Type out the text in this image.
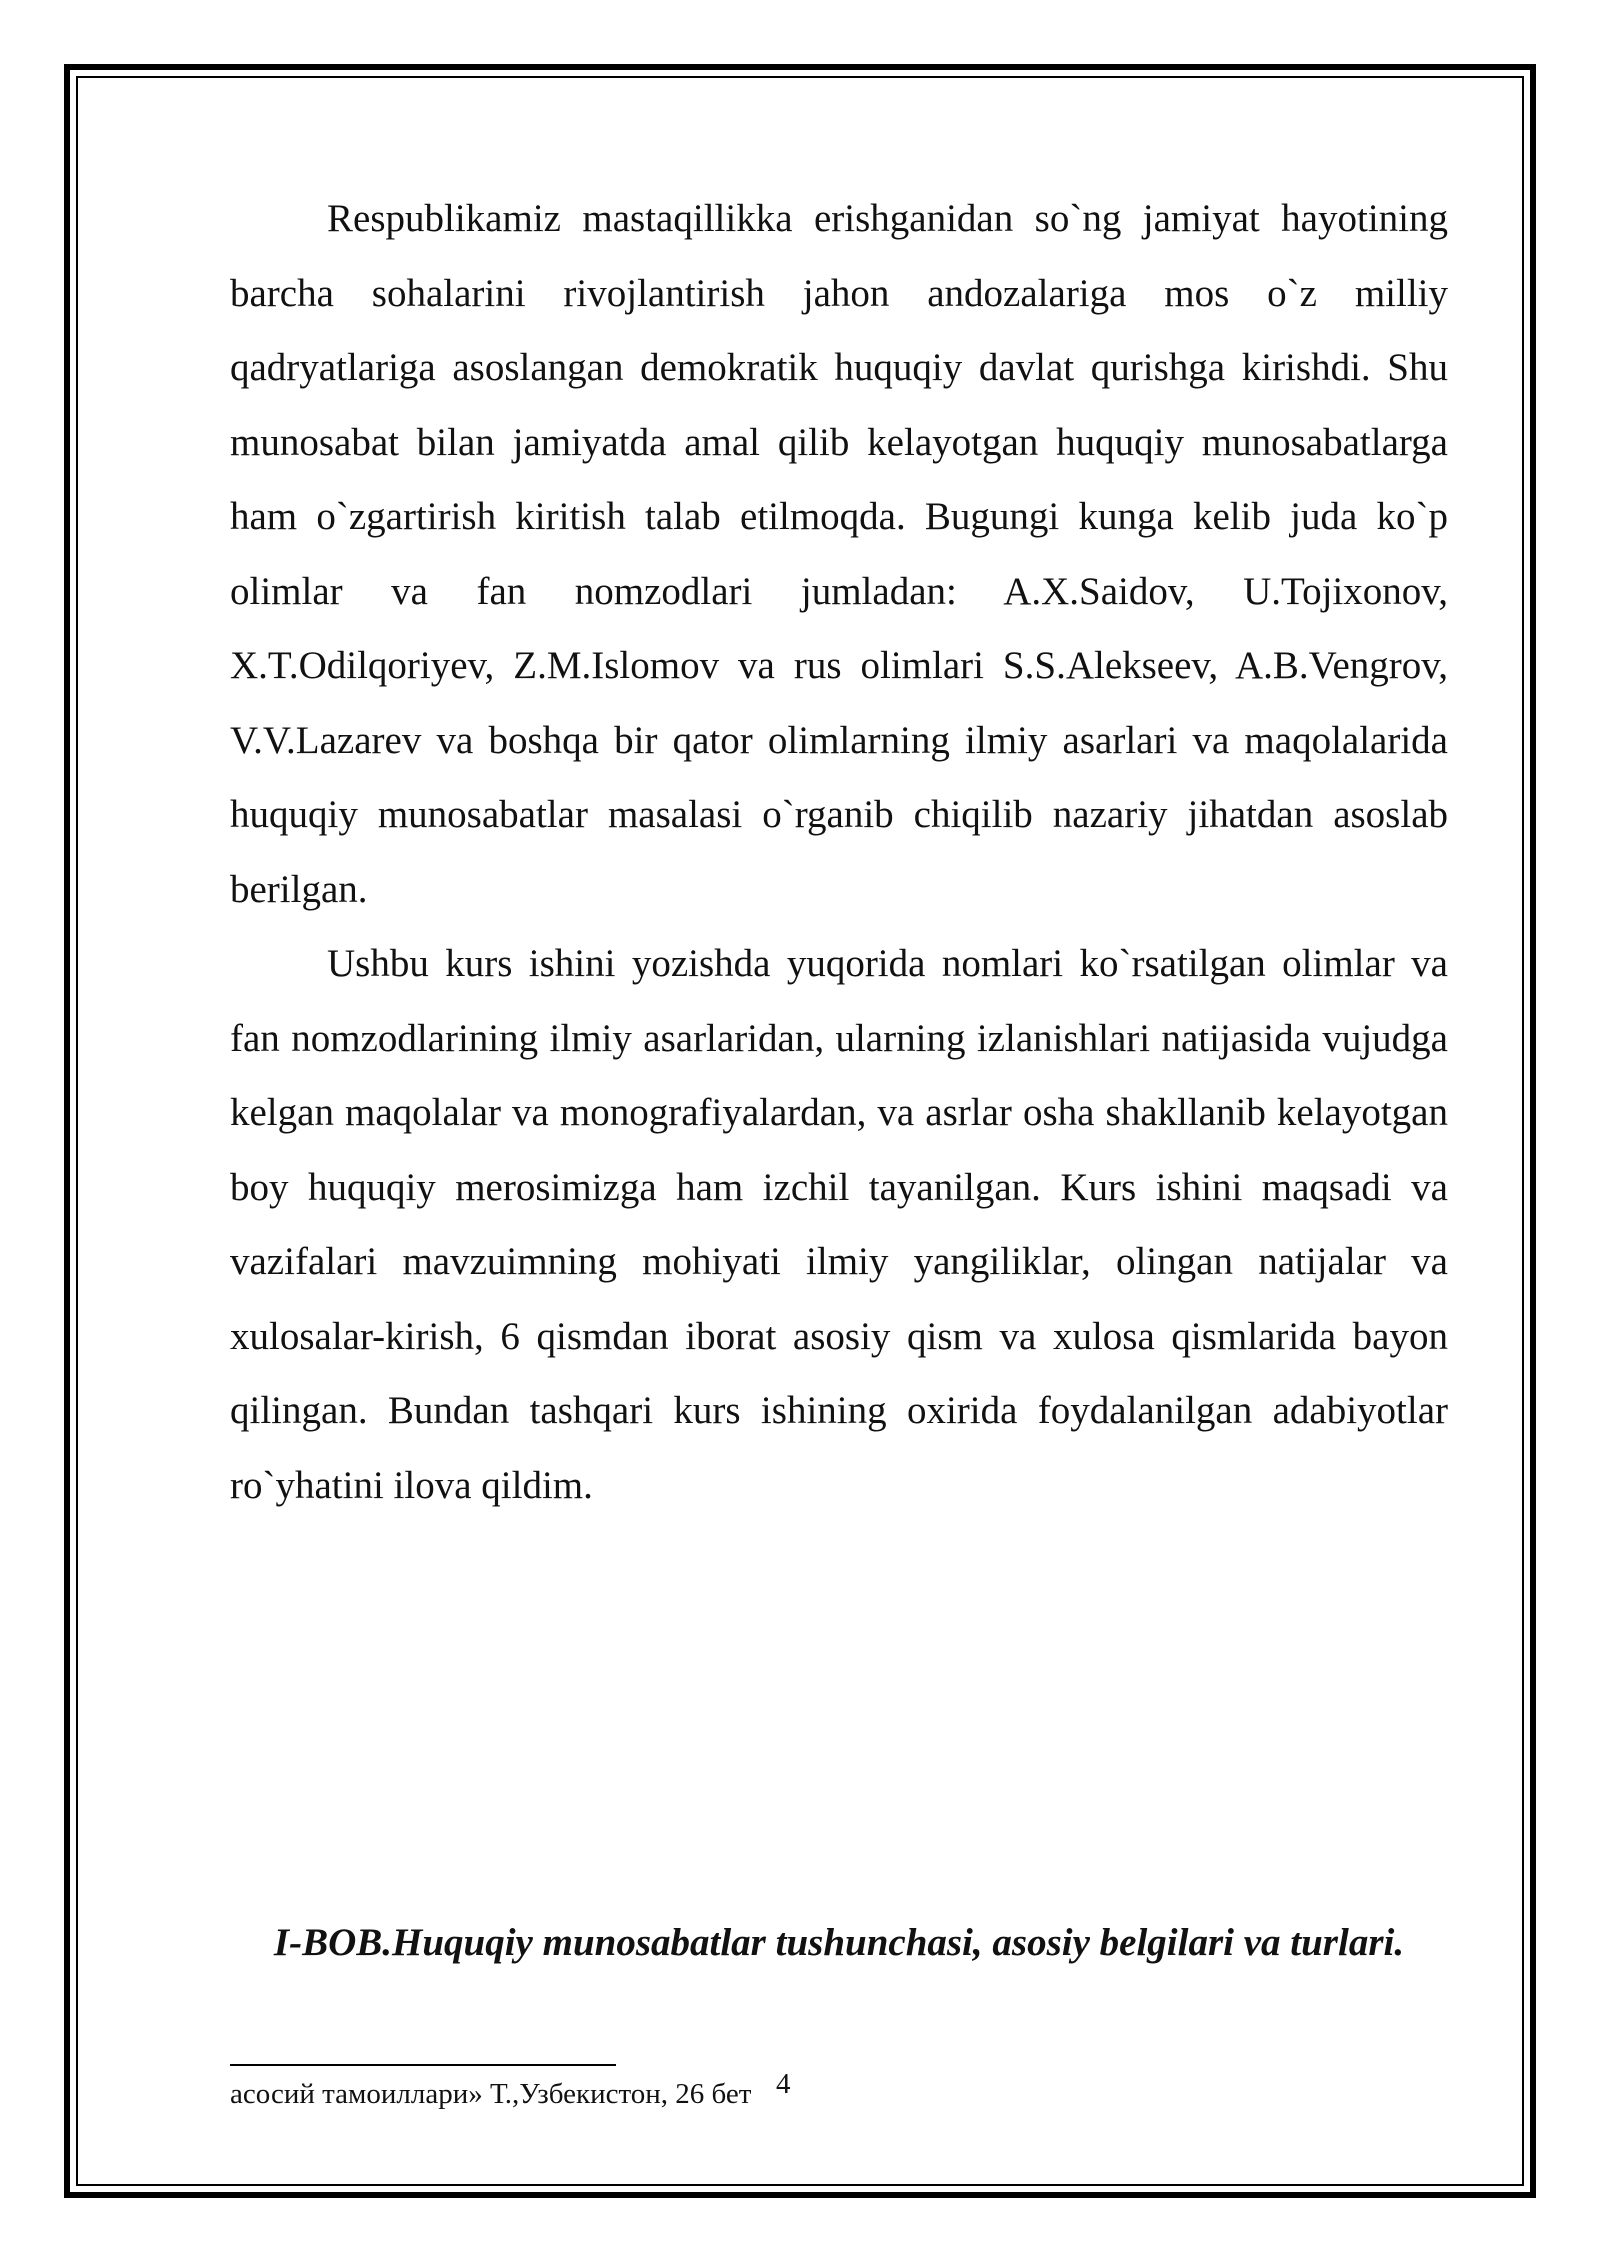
Respublikamiz mastaqillikka erishganidan so`ng jamiyat hayotining barcha sohalarini rivojlantirish jahon andozalariga mos o`z milliy qadryatlariga asoslangan demokratik huquqiy davlat qurishga kirishdi. Shu munosabat bilan jamiyatda amal qilib kelayotgan huquqiy munosabatlarga ham o`zgartirish kiritish talab etilmoqda. Bugungi kunga kelib juda ko`p olimlar va fan nomzodlari jumladan: A.X.Saidov, U.Tojixonov, X.T.Odilqoriyev, Z.M.Islomov va rus olimlari S.S.Alekseev, A.B.Vengrov, V.V.Lazarev va boshqa bir qator olimlarning ilmiy asarlari va maqolalarida huquqiy munosabatlar masalasi o`rganib chiqilib nazariy jihatdan asoslab berilgan.

Ushbu kurs ishini yozishda yuqorida nomlari ko`rsatilgan olimlar va fan nomzodlarining ilmiy asarlaridan, ularning izlanishlari natijasida vujudga kelgan maqolalar va monografiyalardan, va asrlar osha shakllanib kelayotgan boy huquqiy merosimizga ham izchil tayanilgan. Kurs ishini maqsadi va vazifalari mavzuimning mohiyati ilmiy yangiliklar, olingan natijalar va xulosalar-kirish, 6 qismdan iborat asosiy qism va xulosa qismlarida bayon qilingan. Bundan tashqari kurs ishining oxirida foydalanilgan adabiyotlar ro`yhatini ilova qildim.

I-BOB.Huquqiy munosabatlar tushunchasi, asosiy belgilari va turlari.

4
асосий тамоиллари» Т.,Узбекистон, 26 бет
